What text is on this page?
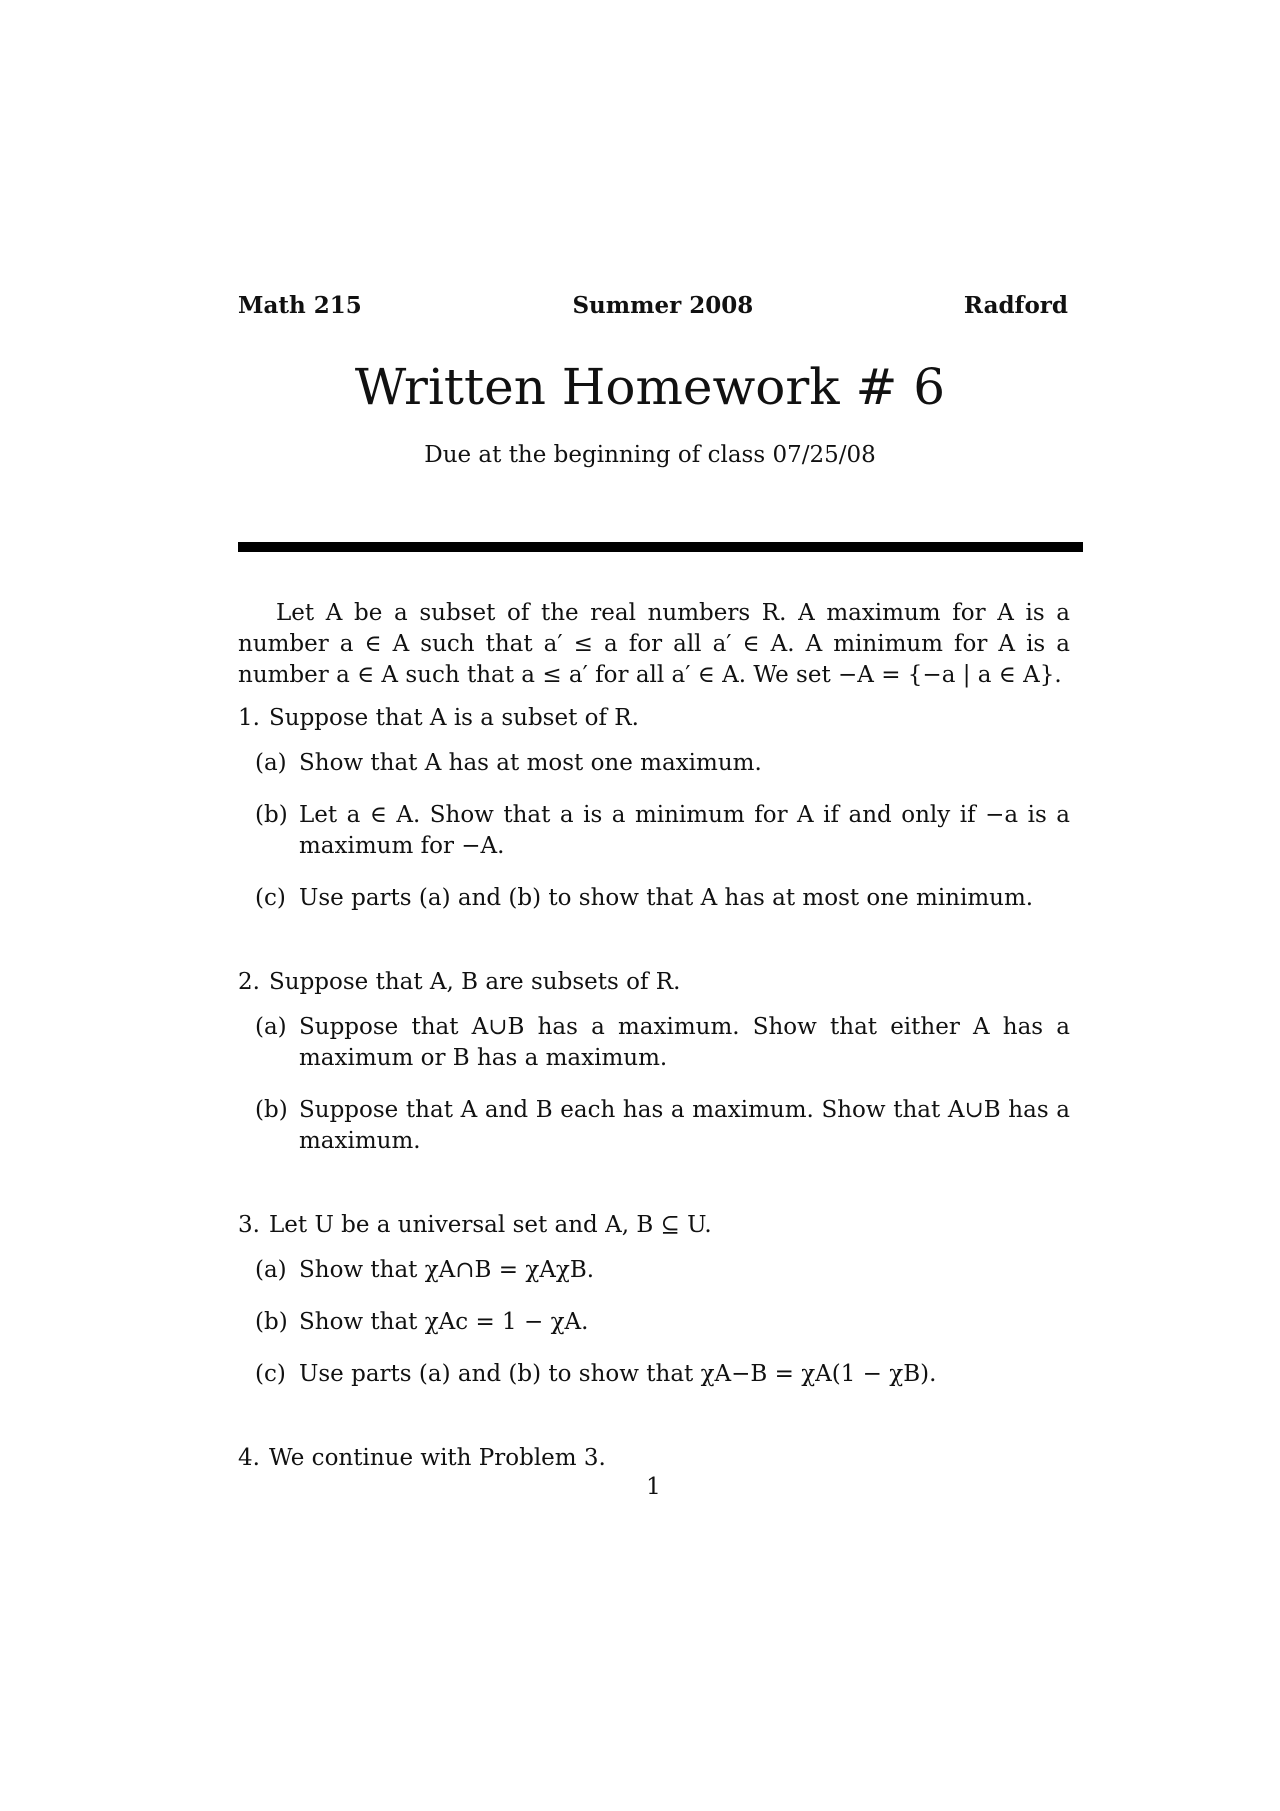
Math 215	Summer 2008	Radford
Written Homework # 6
Due at the beginning of class 07/25/08

Let A be a subset of the real numbers R. A maximum for A is a number a ∈ A such that a′ ≤ a for all a′ ∈ A. A minimum for A is a number a ∈ A such that a ≤ a′ for all a′ ∈ A. We set −A = {−a | a ∈ A}.

1. Suppose that A is a subset of R.
(a) Show that A has at most one maximum.
(b) Let a ∈ A. Show that a is a minimum for A if and only if −a is a maximum for −A.
(c) Use parts (a) and (b) to show that A has at most one minimum.
2. Suppose that A, B are subsets of R.
(a) Suppose that A∪B has a maximum. Show that either A has a maximum or B has a maximum.
(b) Suppose that A and B each has a maximum. Show that A∪B has a maximum.
3. Let U be a universal set and A, B ⊆ U.
(a) Show that χA∩B = χAχB.
(b) Show that χAc = 1 − χA.
(c) Use parts (a) and (b) to show that χA−B = χA(1 − χB).
4. We continue with Problem 3.
1
